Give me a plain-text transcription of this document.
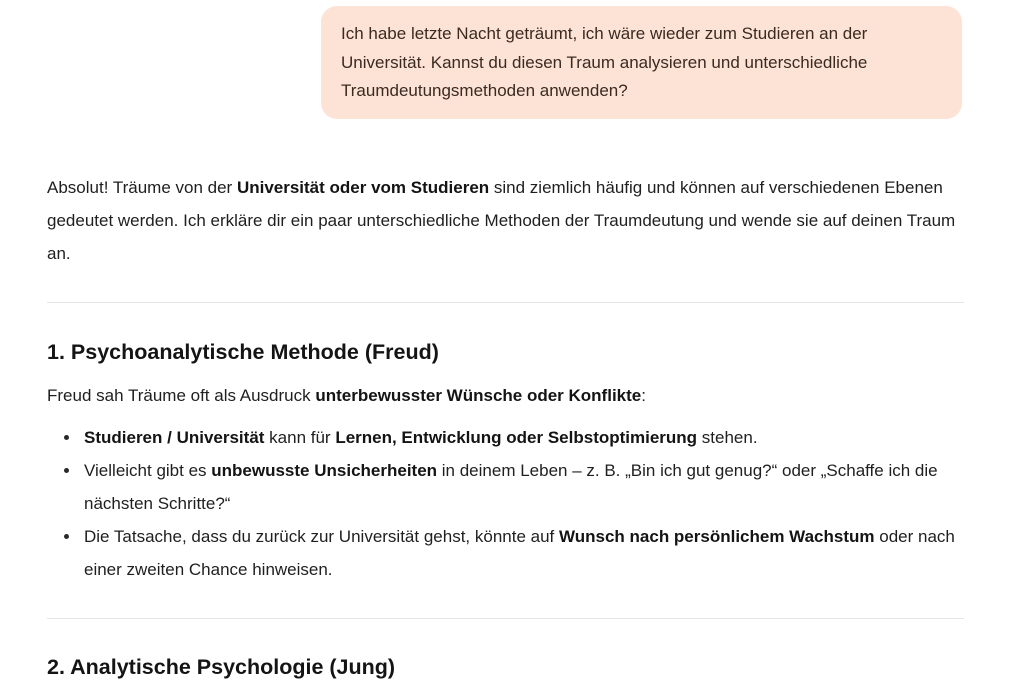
Ich habe letzte Nacht geträumt, ich wäre wieder zum Studieren an der
Universität. Kannst du diesen Traum analysieren und unterschiedliche
Traumdeutungsmethoden anwenden?

Absolut! Träume von der Universität oder vom Studieren sind ziemlich häufig und können auf verschiedenen Ebenen gedeutet werden. Ich erkläre dir ein paar unterschiedliche Methoden der Traumdeutung und wende sie auf deinen Traum an.

1. Psychoanalytische Methode (Freud)

Freud sah Träume oft als Ausdruck unterbewusster Wünsche oder Konflikte:

Studieren / Universität kann für Lernen, Entwicklung oder Selbstoptimierung stehen.
Vielleicht gibt es unbewusste Unsicherheiten in deinem Leben – z. B. „Bin ich gut genug?“ oder „Schaffe ich die nächsten Schritte?“
Die Tatsache, dass du zurück zur Universität gehst, könnte auf Wunsch nach persönlichem Wachstum oder nach einer zweiten Chance hinweisen.
2. Analytische Psychologie (Jung)
